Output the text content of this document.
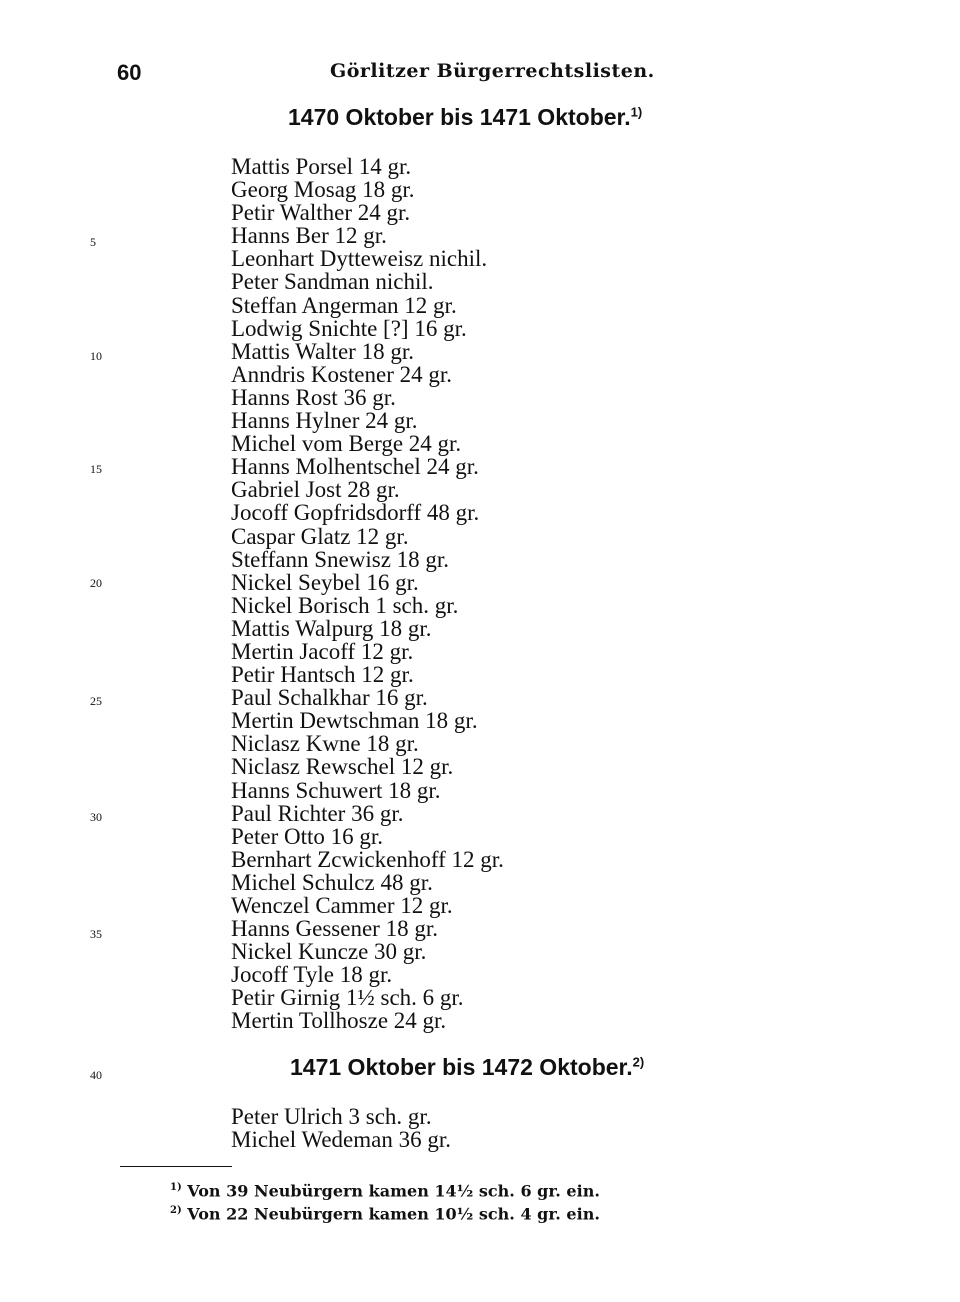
60	Görlitzer Bürgerrechtslisten.
1470 Oktober bis 1471 Oktober.$^{1)}$
Mattis Porsel 14 gr.
Georg Mosag 18 gr.
Petir Walther 24 gr.
Hanns Ber 12 gr.
Leonhart Dytteweisz nichil.
Peter Sandman nichil.
Steffan Angerman 12 gr.
Lodwig Snichte [?] 16 gr.
Mattis Walter 18 gr.
Anndris Kostener 24 gr.
Hanns Rost 36 gr.
Hanns Hylner 24 gr.
Michel vom Berge 24 gr.
Hanns Molhentschel 24 gr.
Gabriel Jost 28 gr.
Jocoff Gopfridsdorff 48 gr.
Caspar Glatz 12 gr.
Steffann Snewisz 18 gr.
Nickel Seybel 16 gr.
Nickel Borisch 1 sch. gr.
Mattis Walpurg 18 gr.
Mertin Jacoff 12 gr.
Petir Hantsch 12 gr.
Paul Schalkhar 16 gr.
Mertin Dewtschman 18 gr.
Niclasz Kwne 18 gr.
Niclasz Rewschel 12 gr.
Hanns Schuwert 18 gr.
Paul Richter 36 gr.
Peter Otto 16 gr.
Bernhart Zcwickenhoff 12 gr.
Michel Schulcz 48 gr.
Wenczel Cammer 12 gr.
Hanns Gessener 18 gr.
Nickel Kuncze 30 gr.
Jocoff Tyle 18 gr.
Petir Girnig 1½ sch. 6 gr.
Mertin Tollhosze 24 gr.
5
10
15
20
25
30
35
40	1471 Oktober bis 1472 Oktober.$^{2)}$
Peter Ulrich 3 sch. gr.
Michel Wedeman 36 gr.
$^{1)}$ Von 39 Neubürgern kamen 14½ sch. 6 gr. ein.
$^{2)}$ Von 22 Neubürgern kamen 10½ sch. 4 gr. ein.
